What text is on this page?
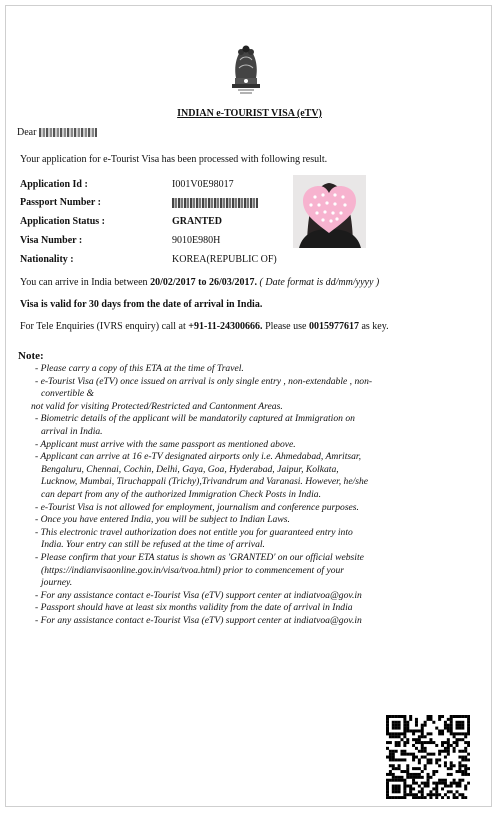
INDIAN e-TOURIST VISA (eTV)
Dear
Your application for e-Tourist Visa has been processed with following result.
Application Id :	I001V0E98017
Passport Number :
Application Status :	GRANTED
Visa Number :	9010E980H
Nationality :	KOREA(REPUBLIC OF)
You can arrive in India between 20/02/2017 to 26/03/2017. ( Date format is dd/mm/yyyy )
Visa is valid for 30 days from the date of arrival in India.
For Tele Enquiries (IVRS enquiry) call at +91-11-24300666. Please use 0015977617 as key.
Note:

- Please carry a copy of this ETA at the time of Travel.

- e-Tourist Visa (eTV) once issued on arrival is only single entry , non-extendable , non-convertible &

not valid for visiting Protected/Restricted and Cantonment Areas.

- Biometric details of the applicant will be mandatorily captured at Immigration on arrival in India.

- Applicant must arrive with the same passport as mentioned above.

- Applicant can arrive at 16 e-TV designated airports only i.e. Ahmedabad, Amritsar, Bengaluru, Chennai, Cochin, Delhi, Gaya, Goa, Hyderabad, Jaipur, Kolkata, Lucknow, Mumbai, Tiruchappali (Trichy),Trivandrum and Varanasi. However, he/she can depart from any of the authorized Immigration Check Posts in India.

- e-Tourist Visa is not allowed for employment, journalism and conference purposes.

- Once you have entered India, you will be subject to Indian Laws.

- This electronic travel authorization does not entitle you for guaranteed entry into India. Your entry can still be refused at the time of arrival.

- Please confirm that your ETA status is shown as 'GRANTED' on our official website (https://indianvisaonline.gov.in/visa/tvoa.html) prior to commencement of your journey.

- For any assistance contact e-Tourist Visa (eTV) support center at indiatvoa@gov.in

- Passport should have at least six months validity from the date of arrival in India

- For any assistance contact e-Tourist Visa (eTV) support center at indiatvoa@gov.in
